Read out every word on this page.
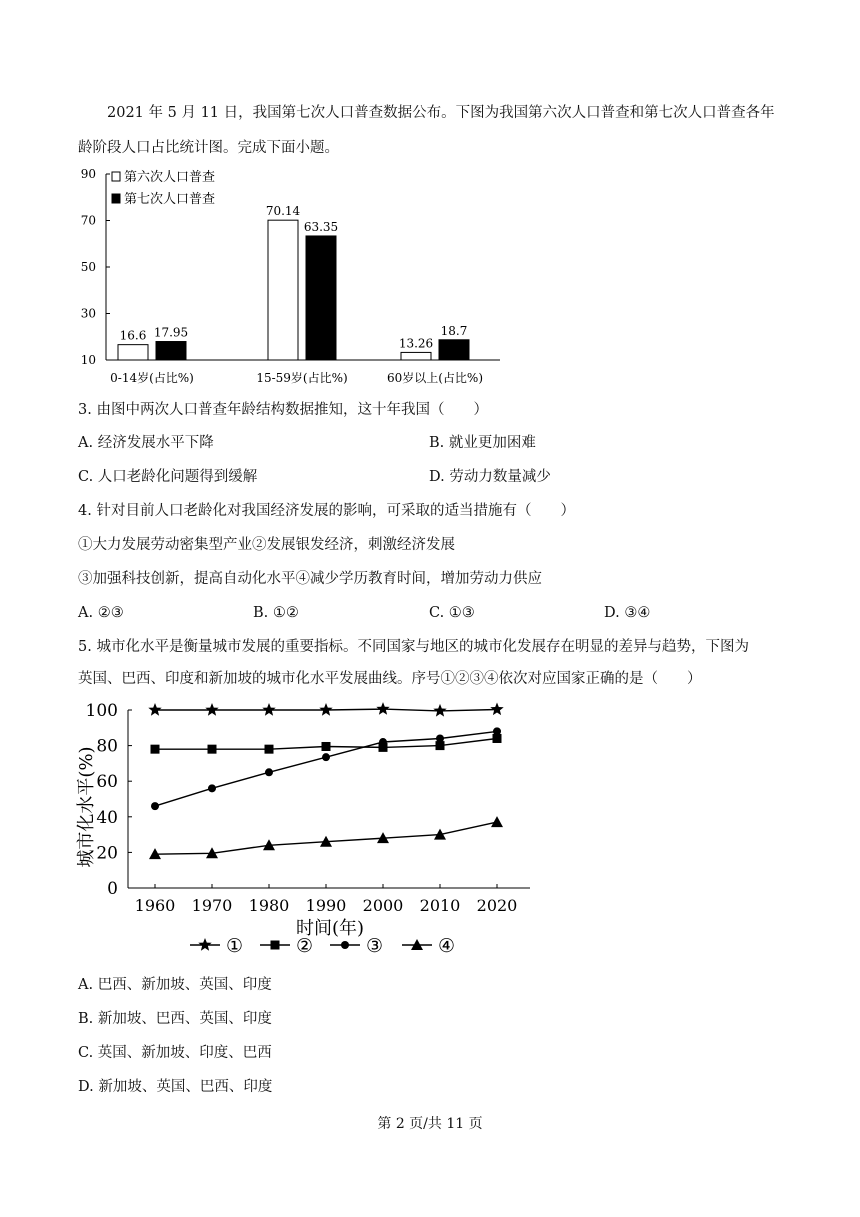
2021 年 5 月 11 日，我国第七次人口普查数据公布。下图为我国第六次人口普查和第七次人口普查各年龄阶段人口占比统计图。完成下面小题。
90
70
50
30
10
16.6
70.14
13.26
17.95
63.35
18.7
0-14岁(占比%)	15-59岁(占比%)	60岁以上(占比%)
第六次人口普查
第七次人口普查
3. 由图中两次人口普查年龄结构数据推知，这十年我国（　　）
A. 经济发展水平下降	B. 就业更加困难
C. 人口老龄化问题得到缓解	D. 劳动力数量减少
4. 针对目前人口老龄化对我国经济发展的影响，可采取的适当措施有（　　）
①大力发展劳动密集型产业②发展银发经济，刺激经济发展
③加强科技创新，提高自动化水平④减少学历教育时间，增加劳动力供应
A. ②③	B. ①②	C. ①③	D. ③④
5. 城市化水平是衡量城市发展的重要指标。不同国家与地区的城市化发展存在明显的差异与趋势，下图为
英国、巴西、印度和新加坡的城市化水平发展曲线。序号①②③④依次对应国家正确的是（　　）
0
20
40
60
80
100
1960 1970 1980 1990 2000 2010 2020
时间(年)
城市化水平(%)
①	②	③	④
A. 巴西、新加坡、英国、印度
B. 新加坡、巴西、英国、印度
C. 英国、新加坡、印度、巴西
D. 新加坡、英国、巴西、印度
第 2 页/共 11 页
